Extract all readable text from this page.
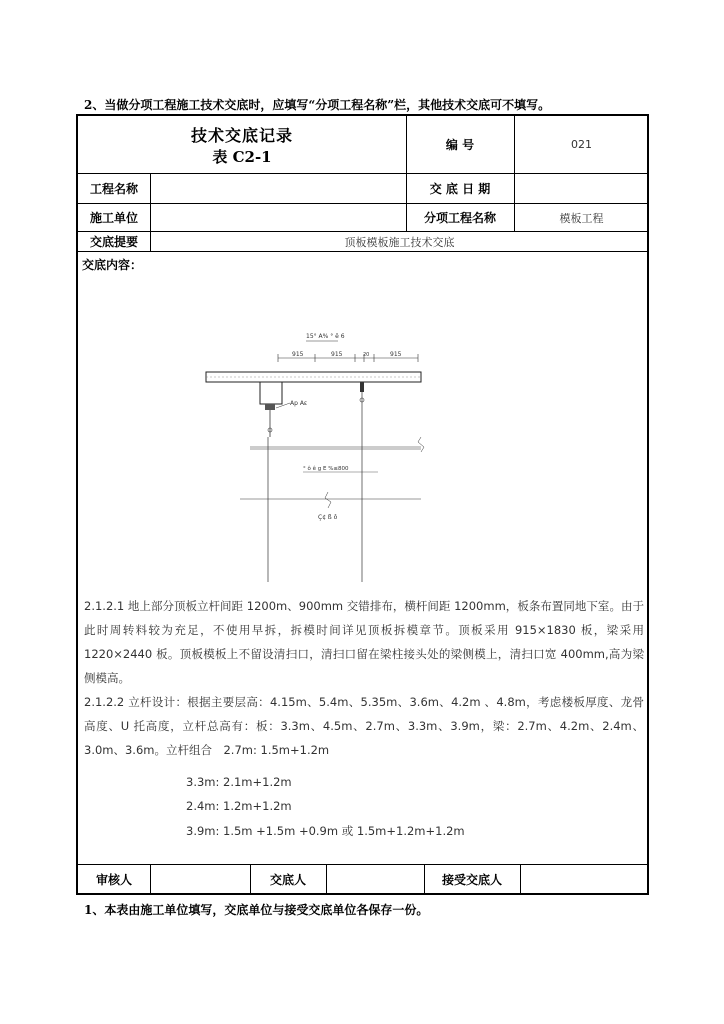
2、当做分项工程施工技术交底时，应填写“分项工程名称”栏，其他技术交底可不填写。
技术交底记录
表 C2-1
编 号	021
工程名称	交 底 日 期
施工单位	分项工程名称	模板工程
交底提要	顶板模板施工技术交底
交底内容：
15° A% ° ê 6
915	915	20	915
Ap Aε
° ô ê g E %≤800
Ç¢ ß ô
2.1.2.1 地上部分顶板立杆间距 1200m、900mm 交错排布，横杆间距 1200mm，板条布置同地下室。由于此时周转料较为充足，不使用早拆，拆模时间详见顶板拆模章节。顶板采用 915×1830 板，梁采用 1220×2440 板。顶板模板上不留设清扫口，清扫口留在梁柱接头处的梁侧模上，清扫口宽 400mm,高为梁侧模高。
2.1.2.2 立杆设计：根据主要层高：4.15m、5.4m、5.35m、3.6m、4.2m 、4.8m，考虑楼板厚度、龙骨高度、U 托高度，立杆总高有：板：3.3m、4.5m、2.7m、3.3m、3.9m，梁：2.7m、4.2m、2.4m、3.0m、3.6m。立杆组合　2.7m: 1.5m+1.2m
3.3m: 2.1m+1.2m
2.4m: 1.2m+1.2m
3.9m: 1.5m +1.5m +0.9m 或 1.5m+1.2m+1.2m
审核人	交底人	接受交底人
1、本表由施工单位填写，交底单位与接受交底单位各保存一份。
